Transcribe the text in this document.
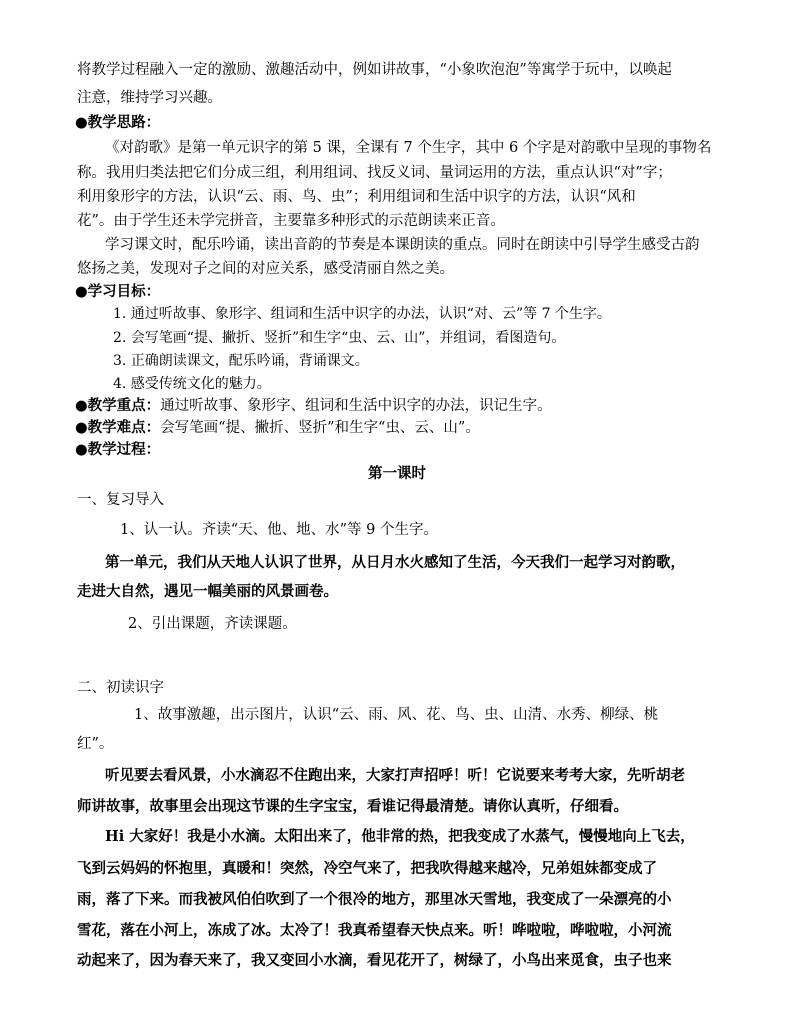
将教学过程融入一定的激励、激趣活动中，例如讲故事，“小象吹泡泡”等寓学于玩中，以唤起
注意，维持学习兴趣。
●教学思路：
《对韵歌》是第一单元识字的第 5 课，全课有 7 个生字，其中 6 个字是对韵歌中呈现的事物名
称。我用归类法把它们分成三组，利用组词、找反义词、量词运用的方法，重点认识“对”字；
利用象形字的方法，认识“云、雨、鸟、虫”；利用组词和生活中识字的方法，认识“风和
花”。由于学生还未学完拼音，主要靠多种形式的示范朗读来正音。
学习课文时，配乐吟诵，读出音韵的节奏是本课朗读的重点。同时在朗读中引导学生感受古韵
悠扬之美，发现对子之间的对应关系，感受清丽自然之美。
●学习目标：
1. 通过听故事、象形字、组词和生活中识字的办法，认识“对、云”等 7 个生字。
2. 会写笔画“提、撇折、竖折”和生字“虫、云、山”，并组词，看图造句。
3. 正确朗读课文，配乐吟诵，背诵课文。
4. 感受传统文化的魅力。
●教学重点：通过听故事、象形字、组词和生活中识字的办法，识记生字。
●教学难点：会写笔画“提、撇折、竖折”和生字“虫、云、山”。
●教学过程：
第一课时
一、复习导入
1、认一认。齐读“天、他、地、水”等 9 个生字。
第一单元，我们从天地人认识了世界，从日月水火感知了生活，今天我们一起学习对韵歌，
走进大自然，遇见一幅美丽的风景画卷。
2、引出课题，齐读课题。
二、初读识字
1、故事激趣，出示图片，认识“云、雨、风、花、鸟、虫、山清、水秀、柳绿、桃
红”。
听见要去看风景，小水滴忍不住跑出来，大家打声招呼！听！它说要来考考大家，先听胡老
师讲故事，故事里会出现这节课的生字宝宝，看谁记得最清楚。请你认真听，仔细看。
Hi 大家好！我是小水滴。太阳出来了，他非常的热，把我变成了水蒸气，慢慢地向上飞去，
飞到云妈妈的怀抱里，真暖和！突然，冷空气来了，把我吹得越来越冷，兄弟姐妹都变成了
雨，落了下来。而我被风伯伯吹到了一个很冷的地方，那里冰天雪地，我变成了一朵漂亮的小
雪花，落在小河上，冻成了冰。太冷了！我真希望春天快点来。听！哗啦啦，哗啦啦，小河流
动起来了，因为春天来了，我又变回小水滴，看见花开了，树绿了，小鸟出来觅食，虫子也来
